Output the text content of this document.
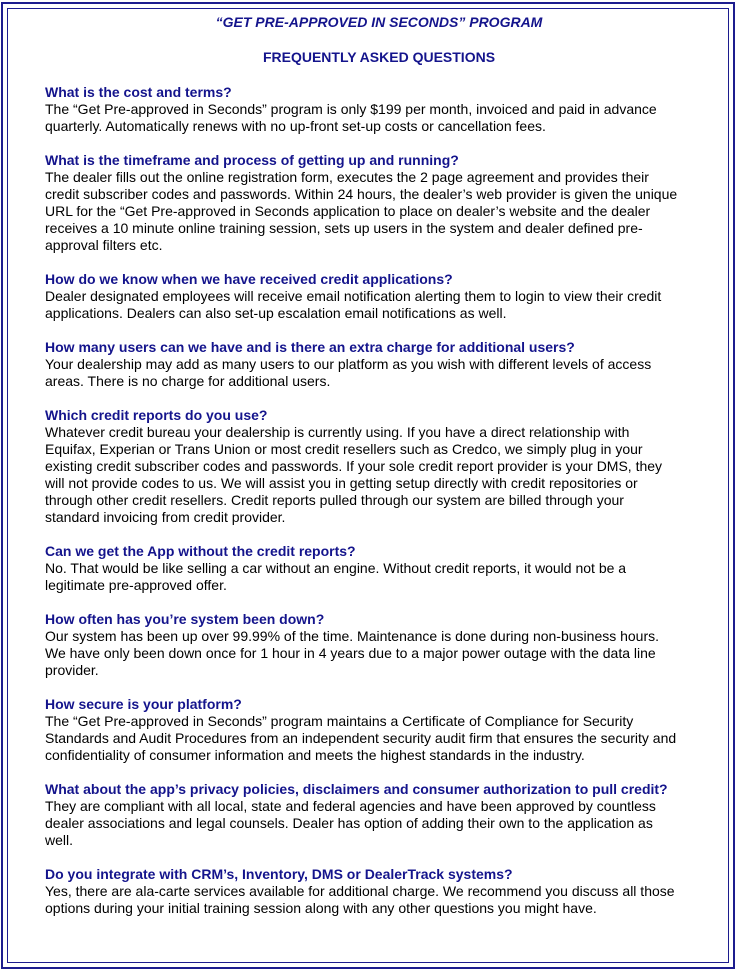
“GET PRE-APPROVED IN SECONDS” PROGRAM

FREQUENTLY ASKED QUESTIONS

What is the cost and terms?

The “Get Pre-approved in Seconds” program is only $199 per month, invoiced and paid in advance
quarterly. Automatically renews with no up-front set-up costs or cancellation fees.

What is the timeframe and process of getting up and running?

The dealer fills out the online registration form, executes the 2 page agreement and provides their
credit subscriber codes and passwords. Within 24 hours, the dealer’s web provider is given the unique
URL for the “Get Pre-approved in Seconds application to place on dealer’s website and the dealer
receives a 10 minute online training session, sets up users in the system and dealer defined pre-
approval filters etc.

How do we know when we have received credit applications?

Dealer designated employees will receive email notification alerting them to login to view their credit
applications. Dealers can also set-up escalation email notifications as well.

How many users can we have and is there an extra charge for additional users?

Your dealership may add as many users to our platform as you wish with different levels of access
areas. There is no charge for additional users.

Which credit reports do you use?

Whatever credit bureau your dealership is currently using. If you have a direct relationship with
Equifax, Experian or Trans Union or most credit resellers such as Credco, we simply plug in your
existing credit subscriber codes and passwords. If your sole credit report provider is your DMS, they
will not provide codes to us. We will assist you in getting setup directly with credit repositories or
through other credit resellers. Credit reports pulled through our system are billed through your
standard invoicing from credit provider.

Can we get the App without the credit reports?

No. That would be like selling a car without an engine. Without credit reports, it would not be a
legitimate pre-approved offer.

How often has you’re system been down?

Our system has been up over 99.99% of the time. Maintenance is done during non-business hours.
We have only been down once for 1 hour in 4 years due to a major power outage with the data line
provider.

How secure is your platform?

The “Get Pre-approved in Seconds” program maintains a Certificate of Compliance for Security
Standards and Audit Procedures from an independent security audit firm that ensures the security and
confidentiality of consumer information and meets the highest standards in the industry.

What about the app’s privacy policies, disclaimers and consumer authorization to pull credit?

They are compliant with all local, state and federal agencies and have been approved by countless
dealer associations and legal counsels. Dealer has option of adding their own to the application as
well.

Do you integrate with CRM’s, Inventory, DMS or DealerTrack systems?

Yes, there are ala-carte services available for additional charge. We recommend you discuss all those
options during your initial training session along with any other questions you might have.
